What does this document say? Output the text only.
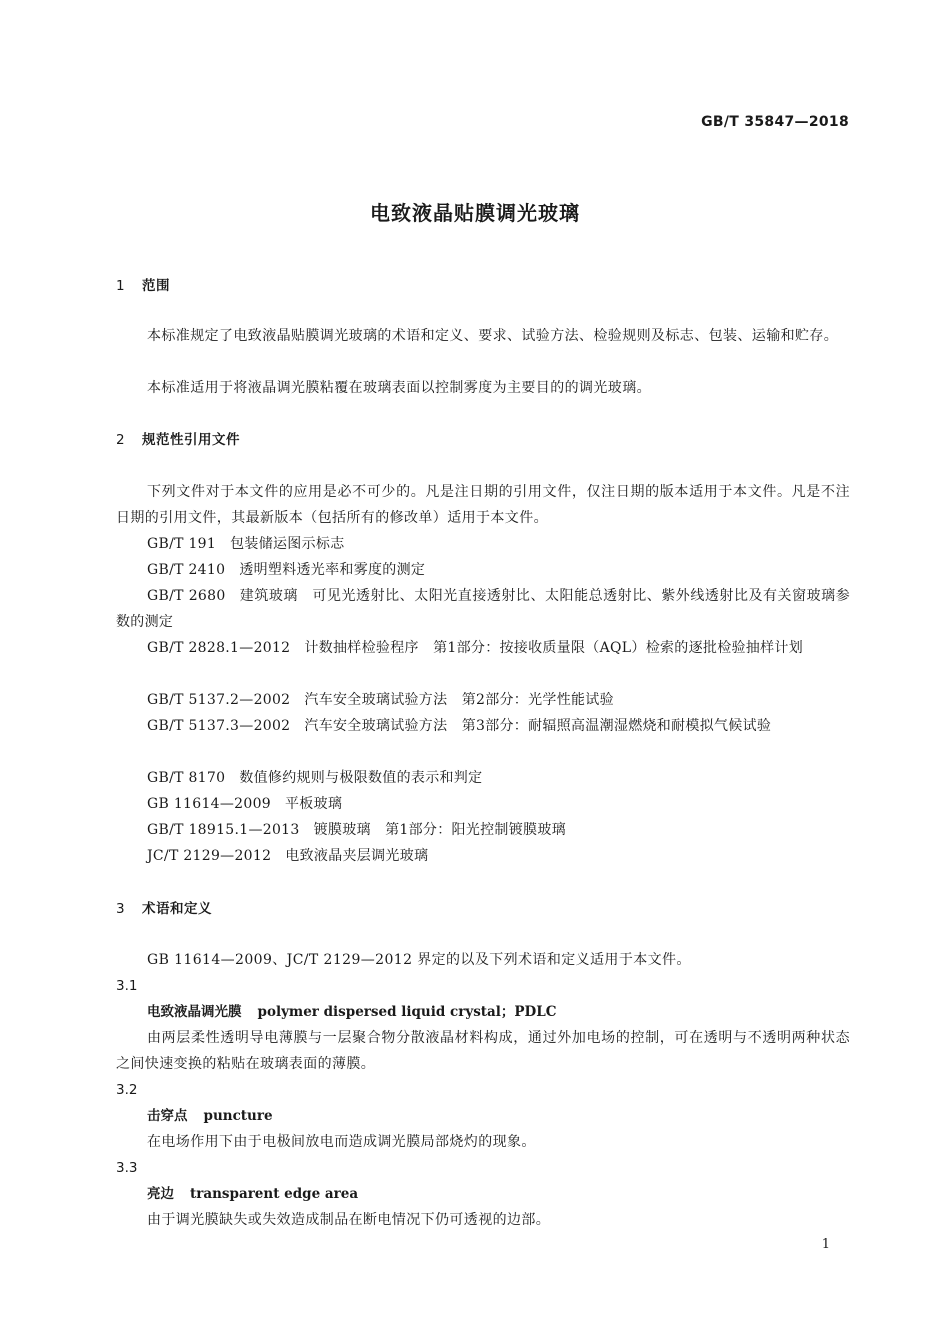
GB/T 35847—2018
电致液晶贴膜调光玻璃
1 范围
本标准规定了电致液晶贴膜调光玻璃的术语和定义、要求、试验方法、检验规则及标志、包装、运输和贮存。
本标准适用于将液晶调光膜粘覆在玻璃表面以控制雾度为主要目的的调光玻璃。
2 规范性引用文件
下列文件对于本文件的应用是必不可少的。凡是注日期的引用文件，仅注日期的版本适用于本文件。凡是不注日期的引用文件，其最新版本（包括所有的修改单）适用于本文件。
GB/T 191 包装储运图示标志
GB/T 2410 透明塑料透光率和雾度的测定
GB/T 2680 建筑玻璃　可见光透射比、太阳光直接透射比、太阳能总透射比、紫外线透射比及有关窗玻璃参数的测定
GB/T 2828.1—2012 计数抽样检验程序　第1部分：按接收质量限（AQL）检索的逐批检验抽样计划
GB/T 5137.2—2002 汽车安全玻璃试验方法　第2部分：光学性能试验
GB/T 5137.3—2002 汽车安全玻璃试验方法　第3部分：耐辐照高温潮湿燃烧和耐模拟气候试验
GB/T 8170 数值修约规则与极限数值的表示和判定
GB 11614—2009 平板玻璃
GB/T 18915.1—2013 镀膜玻璃　第1部分：阳光控制镀膜玻璃
JC/T 2129—2012 电致液晶夹层调光玻璃
3 术语和定义
GB 11614—2009、JC/T 2129—2012 界定的以及下列术语和定义适用于本文件。
3.1
电致液晶调光膜 polymer dispersed liquid crystal；PDLC
由两层柔性透明导电薄膜与一层聚合物分散液晶材料构成，通过外加电场的控制，可在透明与不透明两种状态之间快速变换的粘贴在玻璃表面的薄膜。
3.2
击穿点 puncture
在电场作用下由于电极间放电而造成调光膜局部烧灼的现象。
3.3
亮边 transparent edge area
由于调光膜缺失或失效造成制品在断电情况下仍可透视的边部。
1
